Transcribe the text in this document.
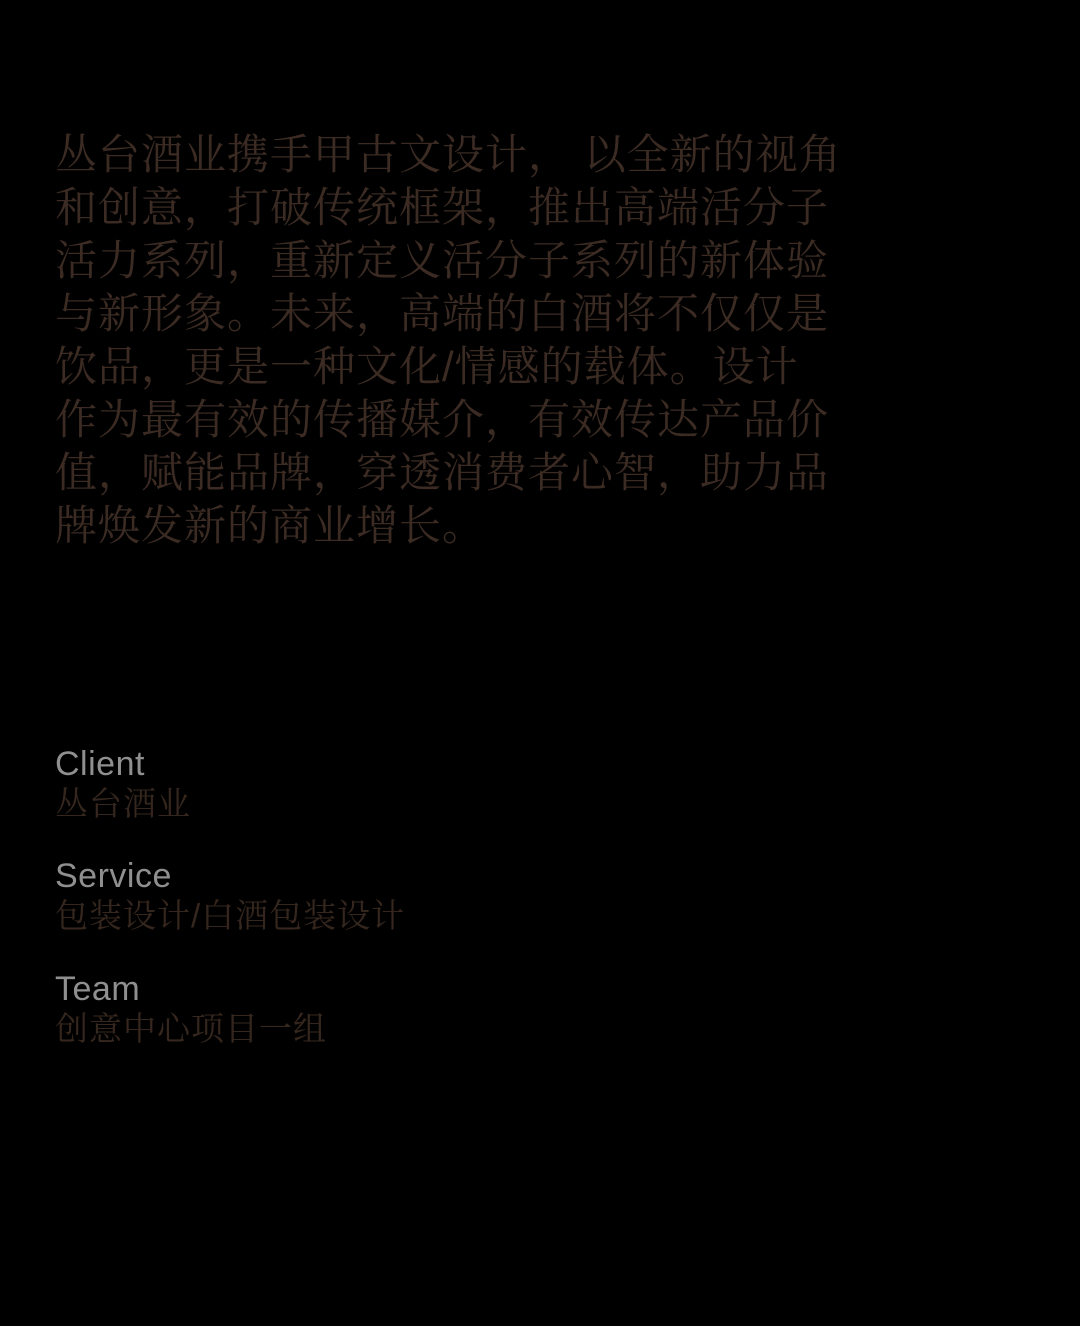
丛台酒业携手甲古文设计， 以全新的视角
和创意，打破传统框架，推出高端活分子
活力系列，重新定义活分子系列的新体验
与新形象。未来，高端的白酒将不仅仅是
饮品，更是一种文化/情感的载体。设计
作为最有效的传播媒介，有效传达产品价
值，赋能品牌，穿透消费者心智，助力品
牌焕发新的商业增长。
Client
丛台酒业
Service
包装设计/白酒包装设计
Team
创意中心项目一组
